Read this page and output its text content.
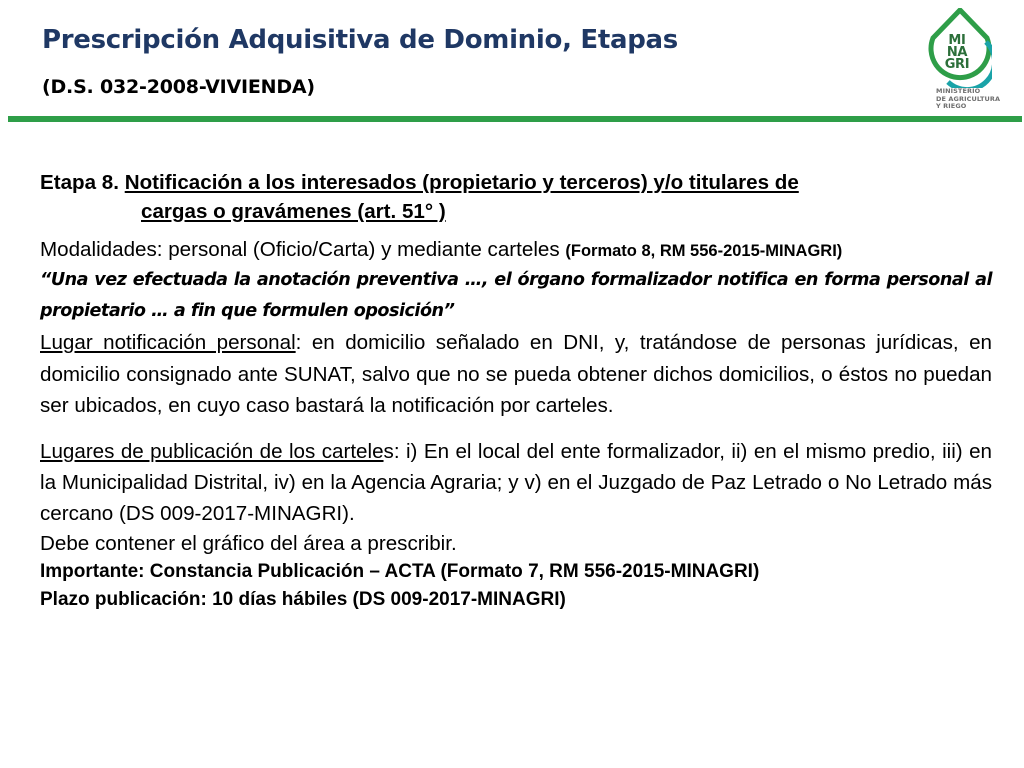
Prescripción Adquisitiva de Dominio, Etapas
(D.S. 032-2008-VIVIENDA)
MI
NA
GRI
MINISTERIO
DE AGRICULTURA
Y RIEGO

Etapa 8. Notificación a los interesados (propietario y terceros) y/o titulares de
cargas o gravámenes (art. 51° )

Modalidades: personal (Oficio/Carta) y mediante carteles (Formato 8, RM 556-2015-MINAGRI)

“Una vez efectuada la anotación preventiva …, el órgano formalizador notifica en forma personal al propietario … a fin que formulen oposición”

Lugar notificación personal: en domicilio señalado en DNI, y, tratándose de personas jurídicas, en domicilio consignado ante SUNAT, salvo que no se pueda obtener dichos domicilios, o éstos no puedan ser ubicados, en cuyo caso bastará la notificación por carteles.

Lugares de publicación de los carteles: i) En el local del ente formalizador, ii) en el mismo predio, iii) en la Municipalidad Distrital, iv) en la Agencia Agraria; y v) en el Juzgado de Paz Letrado o No Letrado más cercano (DS 009-2017-MINAGRI).

Debe contener el gráfico del área a prescribir.

Importante: Constancia Publicación – ACTA (Formato 7, RM 556-2015-MINAGRI)

Plazo publicación: 10 días hábiles (DS 009-2017-MINAGRI)
